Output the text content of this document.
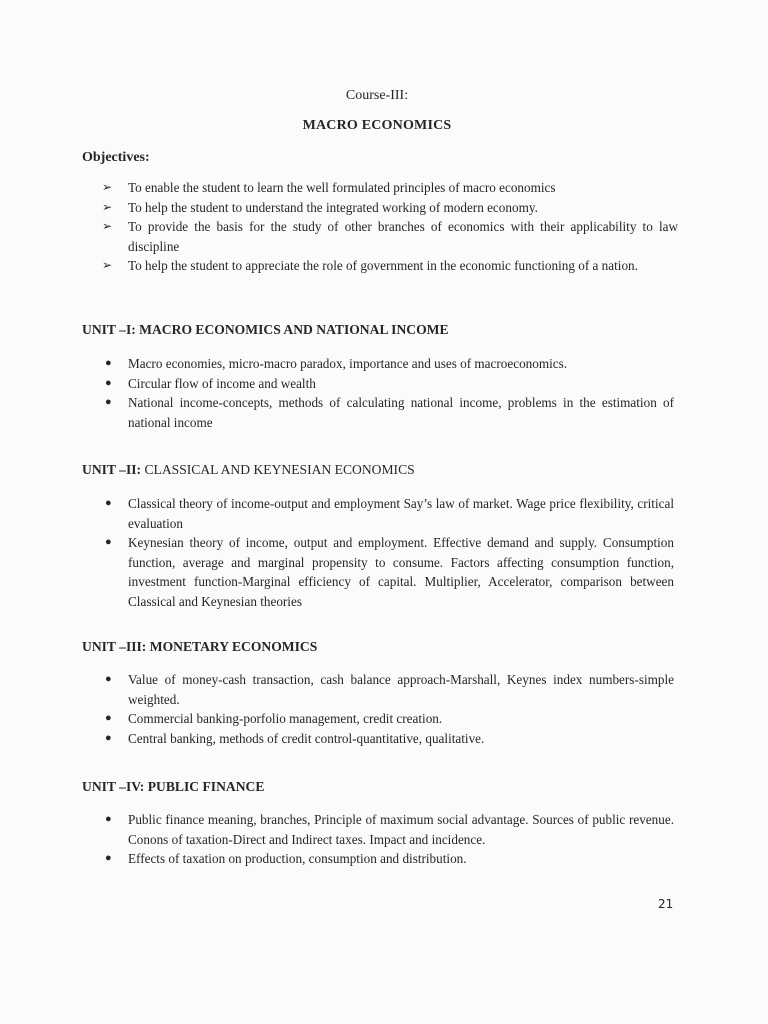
Course-III:
MACRO ECONOMICS
Objectives:
➢ To enable the student to learn the well formulated principles of macro economics
➢ To help the student to understand the integrated working of modern economy.
➢ To provide the basis for the study of other branches of economics with their applicability to law discipline
➢ To help the student to appreciate the role of government in the economic functioning of a nation.
UNIT –I: MACRO ECONOMICS AND NATIONAL INCOME
● Macro economies, micro-macro paradox, importance and uses of macroeconomics.
● Circular flow of income and wealth
● National income-concepts, methods of calculating national income, problems in the estimation of national income
UNIT –II: CLASSICAL AND KEYNESIAN ECONOMICS
● Classical theory of income-output and employment Say’s law of market. Wage price flexibility, critical evaluation
● Keynesian theory of income, output and employment. Effective demand and supply. Consumption function, average and marginal propensity to consume. Factors affecting consumption function, investment function-Marginal efficiency of capital. Multiplier, Accelerator, comparison between Classical and Keynesian theories
UNIT –III: MONETARY ECONOMICS
● Value of money-cash transaction, cash balance approach-Marshall, Keynes index numbers-simple weighted.
● Commercial banking-porfolio management, credit creation.
● Central banking, methods of credit control-quantitative, qualitative.
UNIT –IV: PUBLIC FINANCE
● Public finance meaning, branches, Principle of maximum social advantage. Sources of public revenue. Conons of taxation-Direct and Indirect taxes. Impact and incidence.
● Effects of taxation on production, consumption and distribution.
21
